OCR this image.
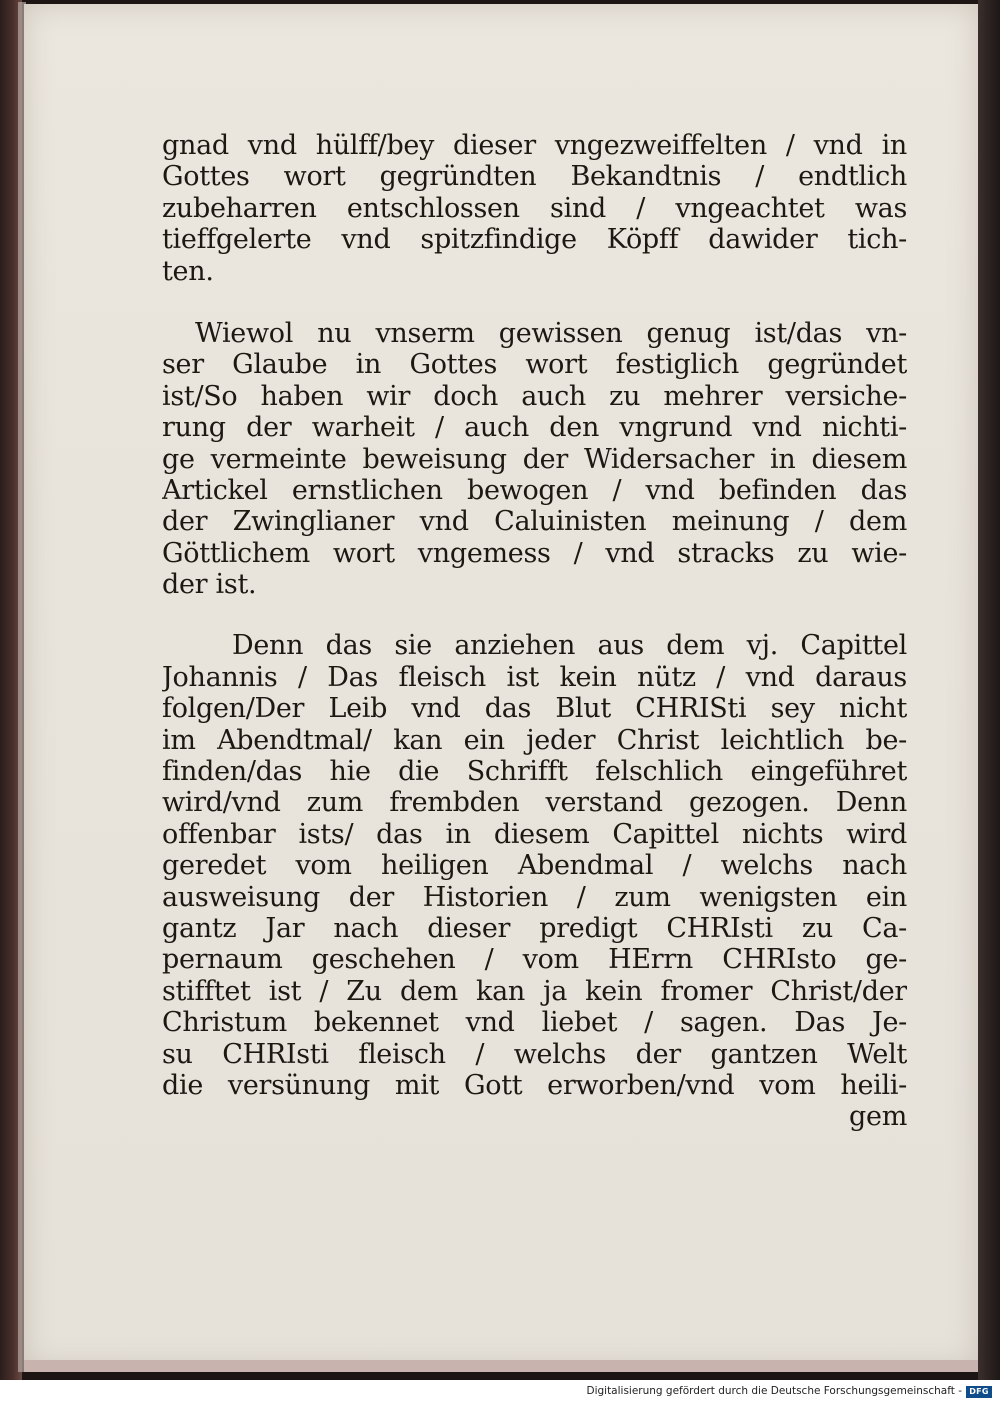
gnad vnd hülff/bey dieser vngezweiffelten / vnd in
Gottes wort gegründten Bekandtnis / endtlich
zubeharren entschlossen sind / vngeachtet was
tieffgelerte vnd spitzfindige Köpff dawider tich-
ten.
Wiewol nu vnserm gewissen genug ist/das vn-
ser Glaube in Gottes wort festiglich gegründet
ist/So haben wir doch auch zu mehrer versiche-
rung der warheit / auch den vngrund vnd nichti-
ge vermeinte beweisung der Widersacher in diesem
Artickel ernstlichen bewogen / vnd befinden das
der Zwinglianer vnd Caluinisten meinung / dem
Göttlichem wort vngemess / vnd stracks zu wie-
der ist.
Denn das sie anziehen aus dem vj. Capittel
Johannis / Das fleisch ist kein nütz / vnd daraus
folgen/Der Leib vnd das Blut CHRISti sey nicht
im Abendtmal/ kan ein jeder Christ leichtlich be-
finden/das hie die Schrifft felschlich eingeführet
wird/vnd zum frembden verstand gezogen. Denn
offenbar ists/ das in diesem Capittel nichts wird
geredet vom heiligen Abendmal / welchs nach
ausweisung der Historien / zum wenigsten ein
gantz Jar nach dieser predigt CHRIsti zu Ca-
pernaum geschehen / vom HErrn CHRIsto ge-
stifftet ist / Zu dem kan ja kein fromer Christ/der
Christum bekennet vnd liebet / sagen. Das Je-
su CHRIsti fleisch / welchs der gantzen Welt
die versünung mit Gott erworben/vnd vom heili-
gem
Digitalisierung gefördert durch die Deutsche Forschungsgemeinschaft - DFG
